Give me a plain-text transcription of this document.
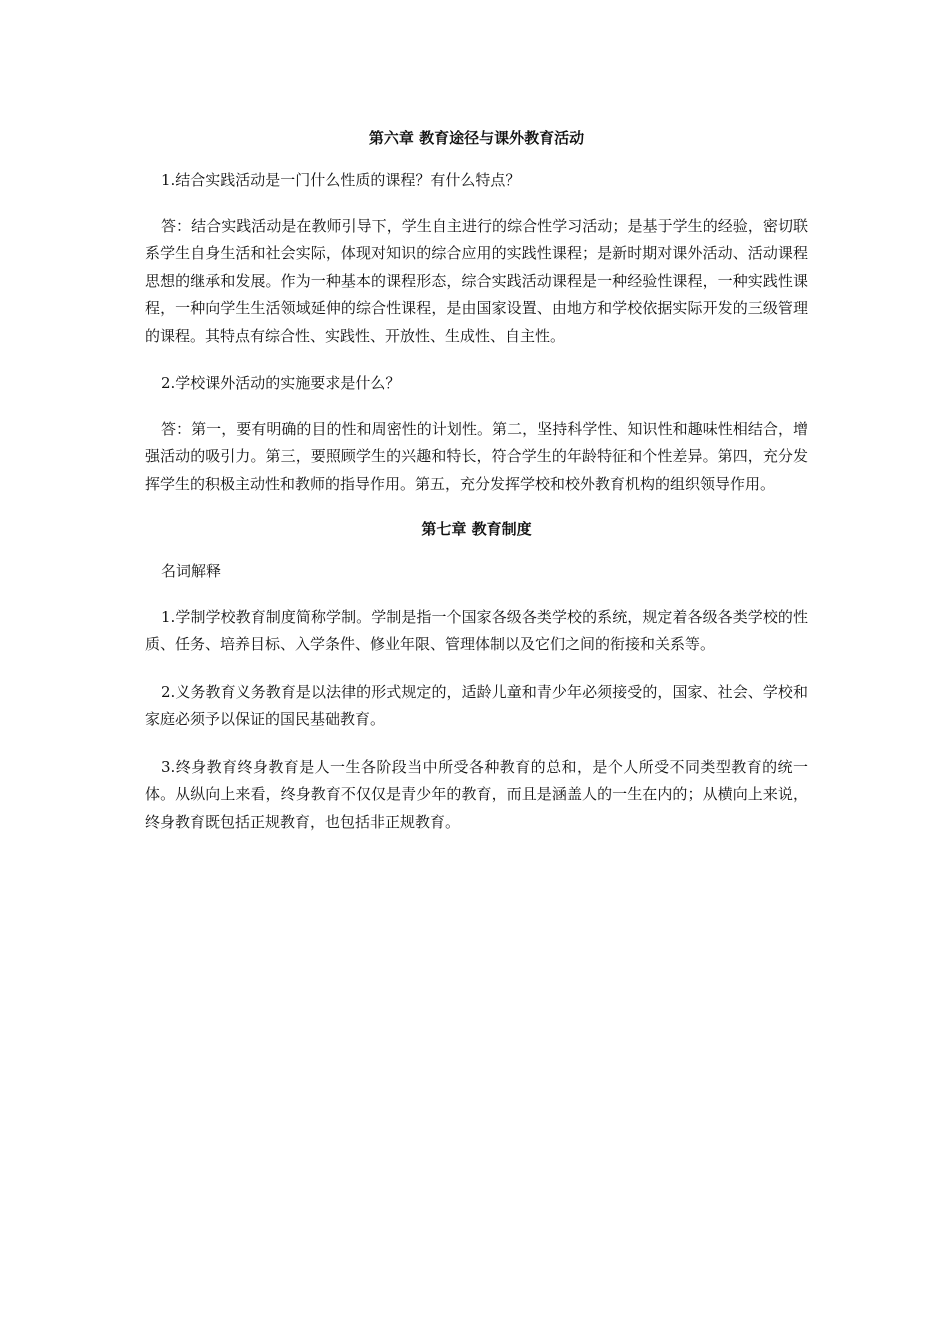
第六章 教育途径与课外教育活动

1.结合实践活动是一门什么性质的课程？有什么特点？

答：结合实践活动是在教师引导下，学生自主进行的综合性学习活动；是基于学生的经验，密切联系学生自身生活和社会实际，体现对知识的综合应用的实践性课程；是新时期对课外活动、活动课程思想的继承和发展。作为一种基本的课程形态，综合实践活动课程是一种经验性课程，一种实践性课程，一种向学生生活领域延伸的综合性课程，是由国家设置、由地方和学校依据实际开发的三级管理的课程。其特点有综合性、实践性、开放性、生成性、自主性。

2.学校课外活动的实施要求是什么？

答：第一，要有明确的目的性和周密性的计划性。第二，坚持科学性、知识性和趣味性相结合，增强活动的吸引力。第三，要照顾学生的兴趣和特长，符合学生的年龄特征和个性差异。第四，充分发挥学生的积极主动性和教师的指导作用。第五，充分发挥学校和校外教育机构的组织领导作用。

第七章 教育制度

名词解释

1.学制学校教育制度简称学制。学制是指一个国家各级各类学校的系统，规定着各级各类学校的性质、任务、培养目标、入学条件、修业年限、管理体制以及它们之间的衔接和关系等。

2.义务教育义务教育是以法律的形式规定的，适龄儿童和青少年必须接受的，国家、社会、学校和家庭必须予以保证的国民基础教育。

3.终身教育终身教育是人一生各阶段当中所受各种教育的总和，是个人所受不同类型教育的统一体。从纵向上来看，终身教育不仅仅是青少年的教育，而且是涵盖人的一生在内的；从横向上来说，终身教育既包括正规教育，也包括非正规教育。
